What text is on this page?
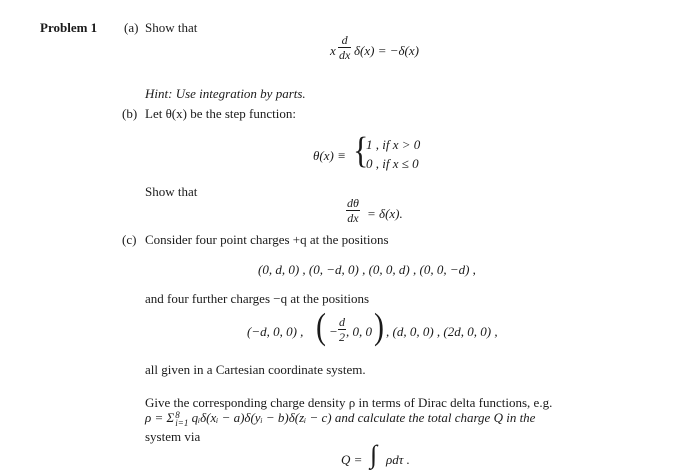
Problem 1 (a) Show that
x $\frac{d}{dx} \delta(x) = -\delta(x)$
Hint: Use integration by parts.
(b) Let θ(x) be the step function:
θ(x) ≡ {
1 , if x > 0
0 , if x ≤ 0
Show that
$\frac{d\theta}{dx} = \delta(x)$.
(c) Consider four point charges +q at the positions
(0, d, 0) , (0, −d, 0) , (0, 0, d) , (0, 0, −d) ,
and four further charges −q at the positions
(−d, 0, 0) , ( − $\frac{d}{2}$ , 0, 0 ) , (d, 0, 0) , (2d, 0, 0) ,
all given in a Cartesian coordinate system.
Give the corresponding charge density ρ in terms of Dirac delta functions, e.g.
ρ = Σ 8
i=1 qᵢδ(xᵢ − a)δ(yᵢ − b)δ(zᵢ − c) and calculate the total charge Q in the
system via
Q = ∫ ρdτ .
